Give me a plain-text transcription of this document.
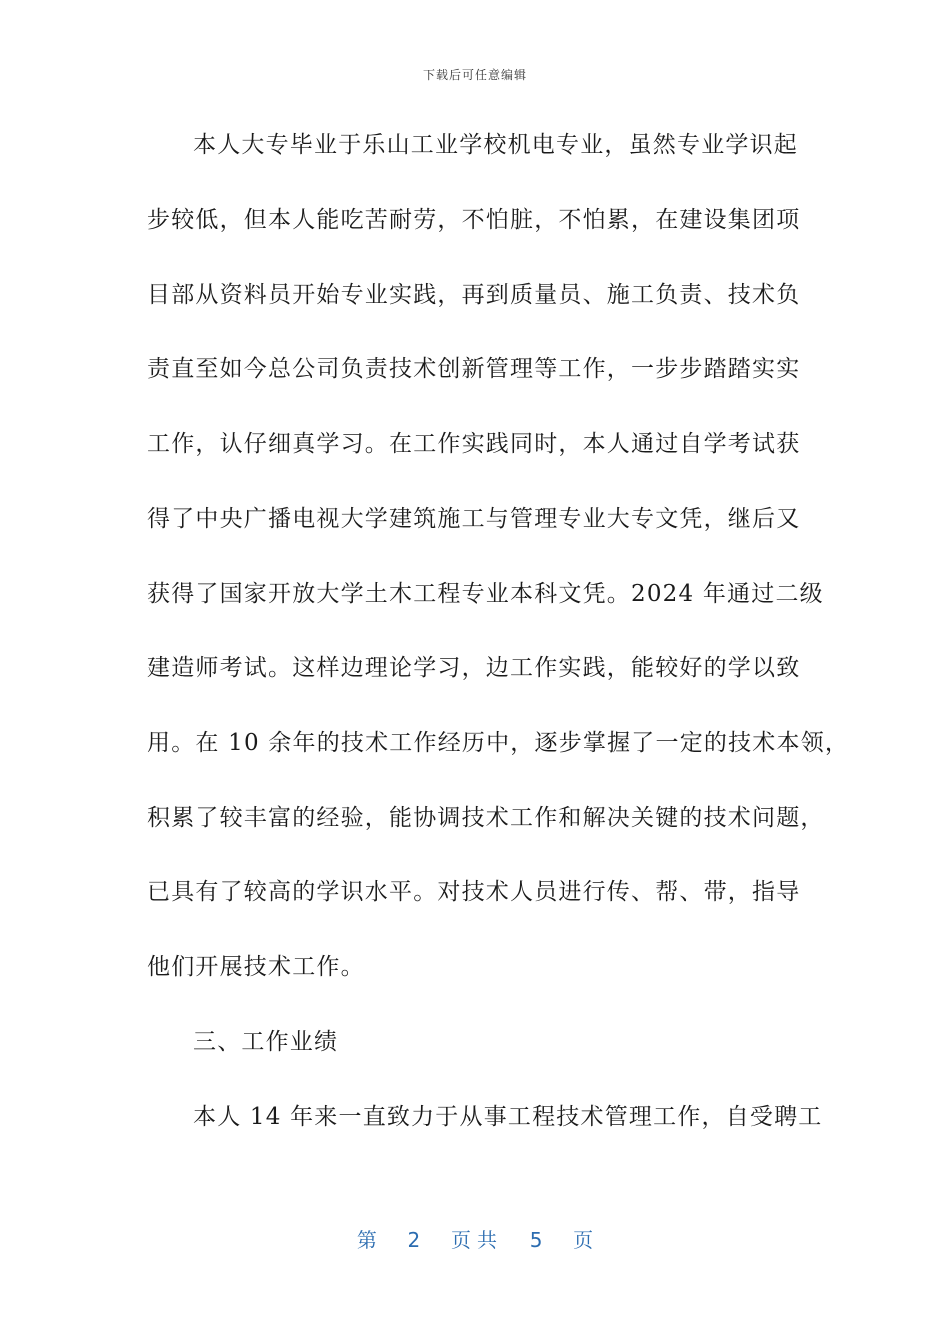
下载后可任意编辑
本人大专毕业于乐山工业学校机电专业，虽然专业学识起
步较低，但本人能吃苦耐劳，不怕脏，不怕累，在建设集团项
目部从资料员开始专业实践，再到质量员、施工负责、技术负
责直至如今总公司负责技术创新管理等工作，一步步踏踏实实
工作，认仔细真学习。在工作实践同时，本人通过自学考试获
得了中央广播电视大学建筑施工与管理专业大专文凭，继后又
获得了国家开放大学土木工程专业本科文凭。2024 年通过二级
建造师考试。这样边理论学习，边工作实践，能较好的学以致
用。在 10 余年的技术工作经历中，逐步掌握了一定的技术本领，
积累了较丰富的经验，能协调技术工作和解决关键的技术问题，
已具有了较高的学识水平。对技术人员进行传、帮、带，指导
他们开展技术工作。
三、工作业绩
本人 14 年来一直致力于从事工程技术管理工作，自受聘工
第 2 页共 5 页
